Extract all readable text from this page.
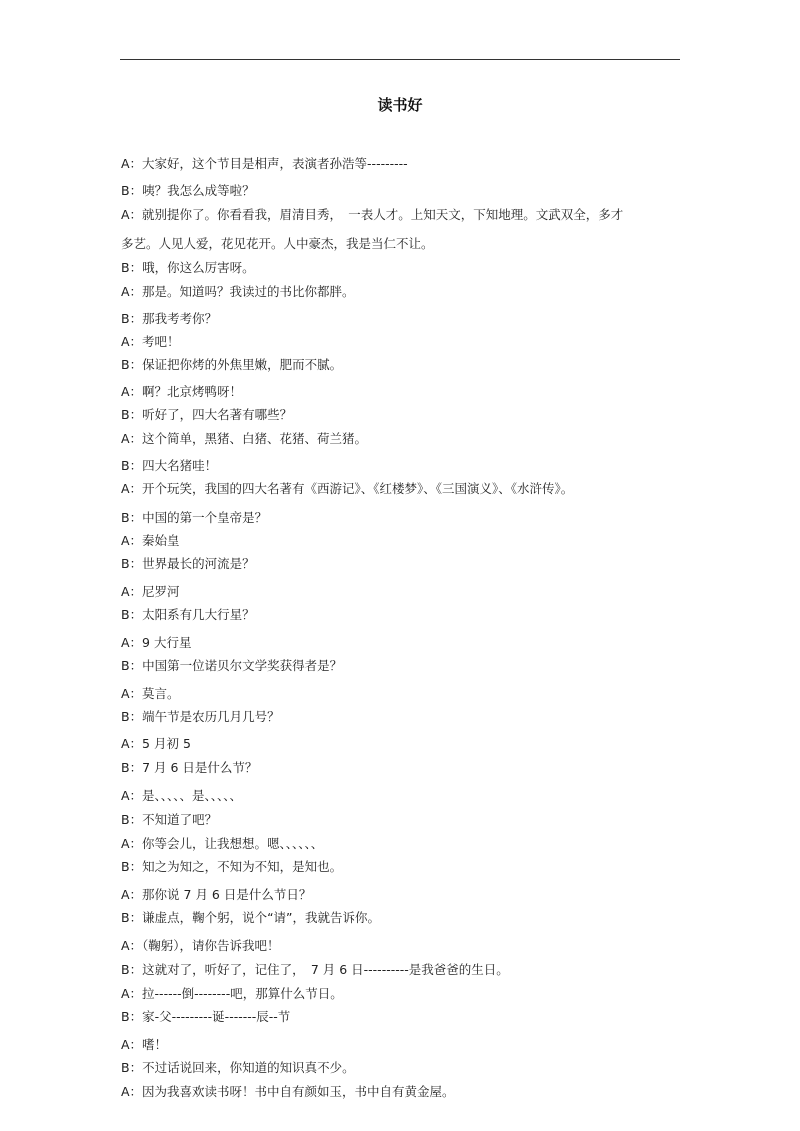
读书好
A：大家好，这个节目是相声，表演者孙浩等---------
B：咦？我怎么成等啦？
A：就别提你了。你看看我，眉清目秀，　一表人才。上知天文，下知地理。文武双全，多才
多艺。人见人爱，花见花开。人中豪杰，我是当仁不让。
B：哦，你这么厉害呀。
A：那是。知道吗？我读过的书比你都胖。
B：那我考考你？
A：考吧！
B：保证把你烤的外焦里嫩，肥而不腻。
A：啊？北京烤鸭呀！
B：听好了，四大名著有哪些？
A：这个简单，黑猪、白猪、花猪、荷兰猪。
B：四大名猪哇！
A：开个玩笑，我国的四大名著有《西游记》、《红楼梦》、《三国演义》、《水浒传》。
B：中国的第一个皇帝是？
A：秦始皇
B：世界最长的河流是？
A：尼罗河
B：太阳系有几大行星？
A：9 大行星
B：中国第一位诺贝尔文学奖获得者是？
A：莫言。
B：端午节是农历几月几号？
A：5 月初 5
B：7 月 6 日是什么节？
A：是、、、、、是、、、、、
B：不知道了吧？
A：你等会儿，让我想想。嗯、、、、、、
B：知之为知之，不知为不知，是知也。
A：那你说 7 月 6 日是什么节日？
B：谦虚点，鞠个躬，说个“请”，我就告诉你。
A：（鞠躬），请你告诉我吧！
B：这就对了，听好了，记住了，　7 月 6 日----------是我爸爸的生日。
A：拉------倒--------吧，那算什么节日。
B：家-父---------诞-------辰--节
A：嗜！
B：不过话说回来，你知道的知识真不少。
A：因为我喜欢读书呀！书中自有颜如玉，书中自有黄金屋。
